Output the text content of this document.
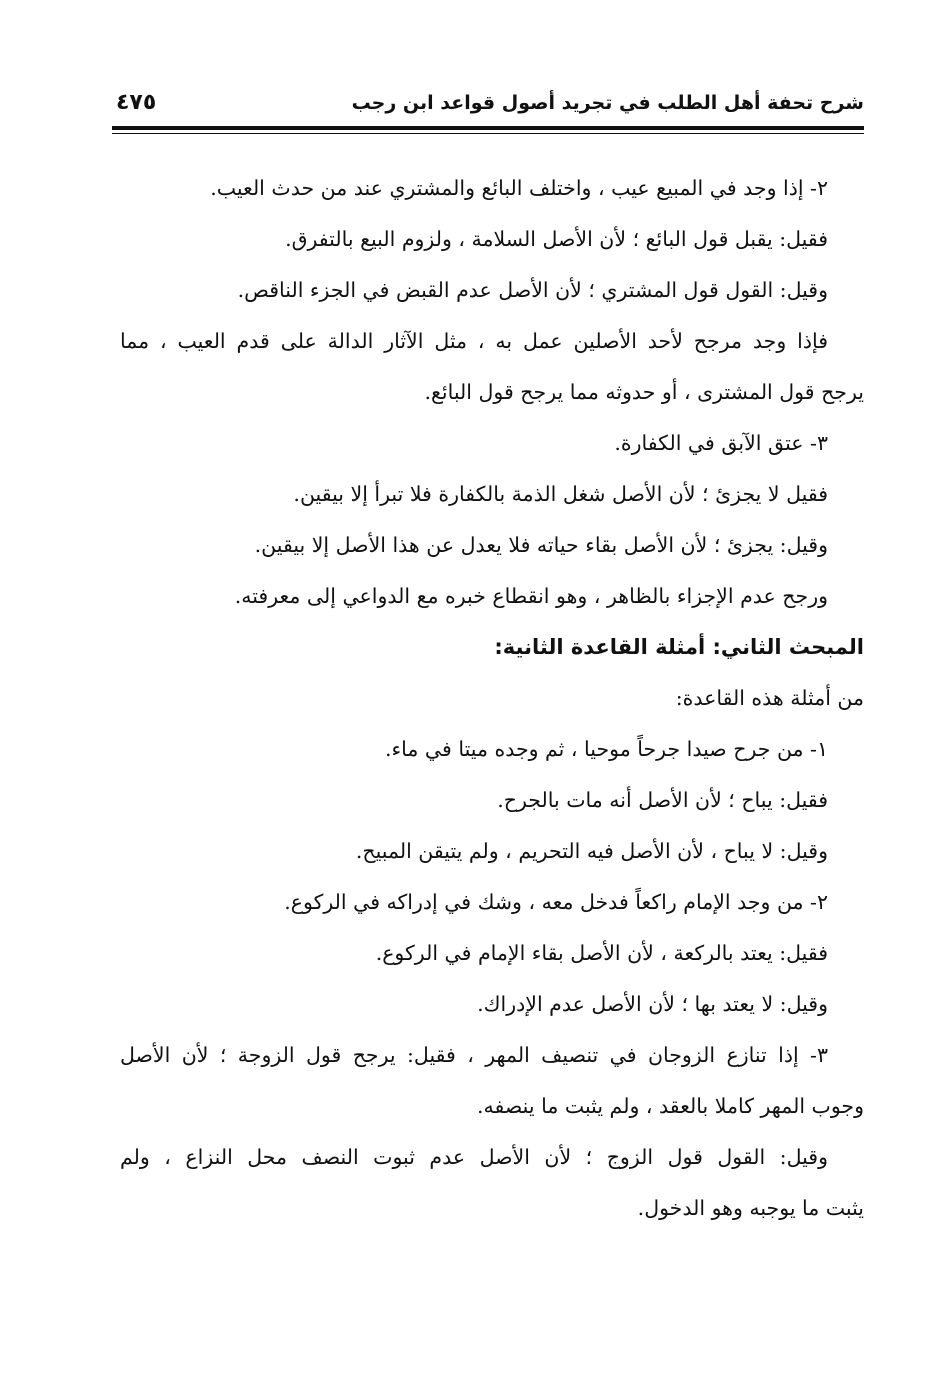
شرح تحفة أهل الطلب في تجريد أصول قواعد ابن رجب
٤٧٥
٢- إذا وجد في المبيع عيب ، واختلف البائع والمشتري عند من حدث العيب.
فقيل: يقبل قول البائع ؛ لأن الأصل السلامة ، ولزوم البيع بالتفرق.
وقيل: القول قول المشتري ؛ لأن الأصل عدم القبض في الجزء الناقص.
فإذا وجد مرجح لأحد الأصلين عمل به ، مثل الآثار الدالة على قدم العيب ، مما
يرجح قول المشترى ، أو حدوثه مما يرجح قول البائع.
٣- عتق الآبق في الكفارة.
فقيل لا يجزئ ؛ لأن الأصل شغل الذمة بالكفارة فلا تبرأ إلا بيقين.
وقيل: يجزئ ؛ لأن الأصل بقاء حياته فلا يعدل عن هذا الأصل إلا بيقين.
ورجح عدم الإجزاء بالظاهر ، وهو انقطاع خبره مع الدواعي إلى معرفته.
المبحث الثاني: أمثلة القاعدة الثانية:
من أمثلة هذه القاعدة:
١- من جرح صيدا جرحاً موحيا ، ثم وجده ميتا في ماء.
فقيل: يباح ؛ لأن الأصل أنه مات بالجرح.
وقيل: لا يباح ، لأن الأصل فيه التحريم ، ولم يتيقن المبيح.
٢- من وجد الإمام راكعاً فدخل معه ، وشك في إدراكه في الركوع.
فقيل: يعتد بالركعة ، لأن الأصل بقاء الإمام في الركوع.
وقيل: لا يعتد بها ؛ لأن الأصل عدم الإدراك.
٣- إذا تنازع الزوجان في تنصيف المهر ، فقيل: يرجح قول الزوجة ؛ لأن الأصل
وجوب المهر كاملا بالعقد ، ولم يثبت ما ينصفه.
وقيل: القول قول الزوج ؛ لأن الأصل عدم ثبوت النصف محل النزاع ، ولم
يثبت ما يوجبه وهو الدخول.
